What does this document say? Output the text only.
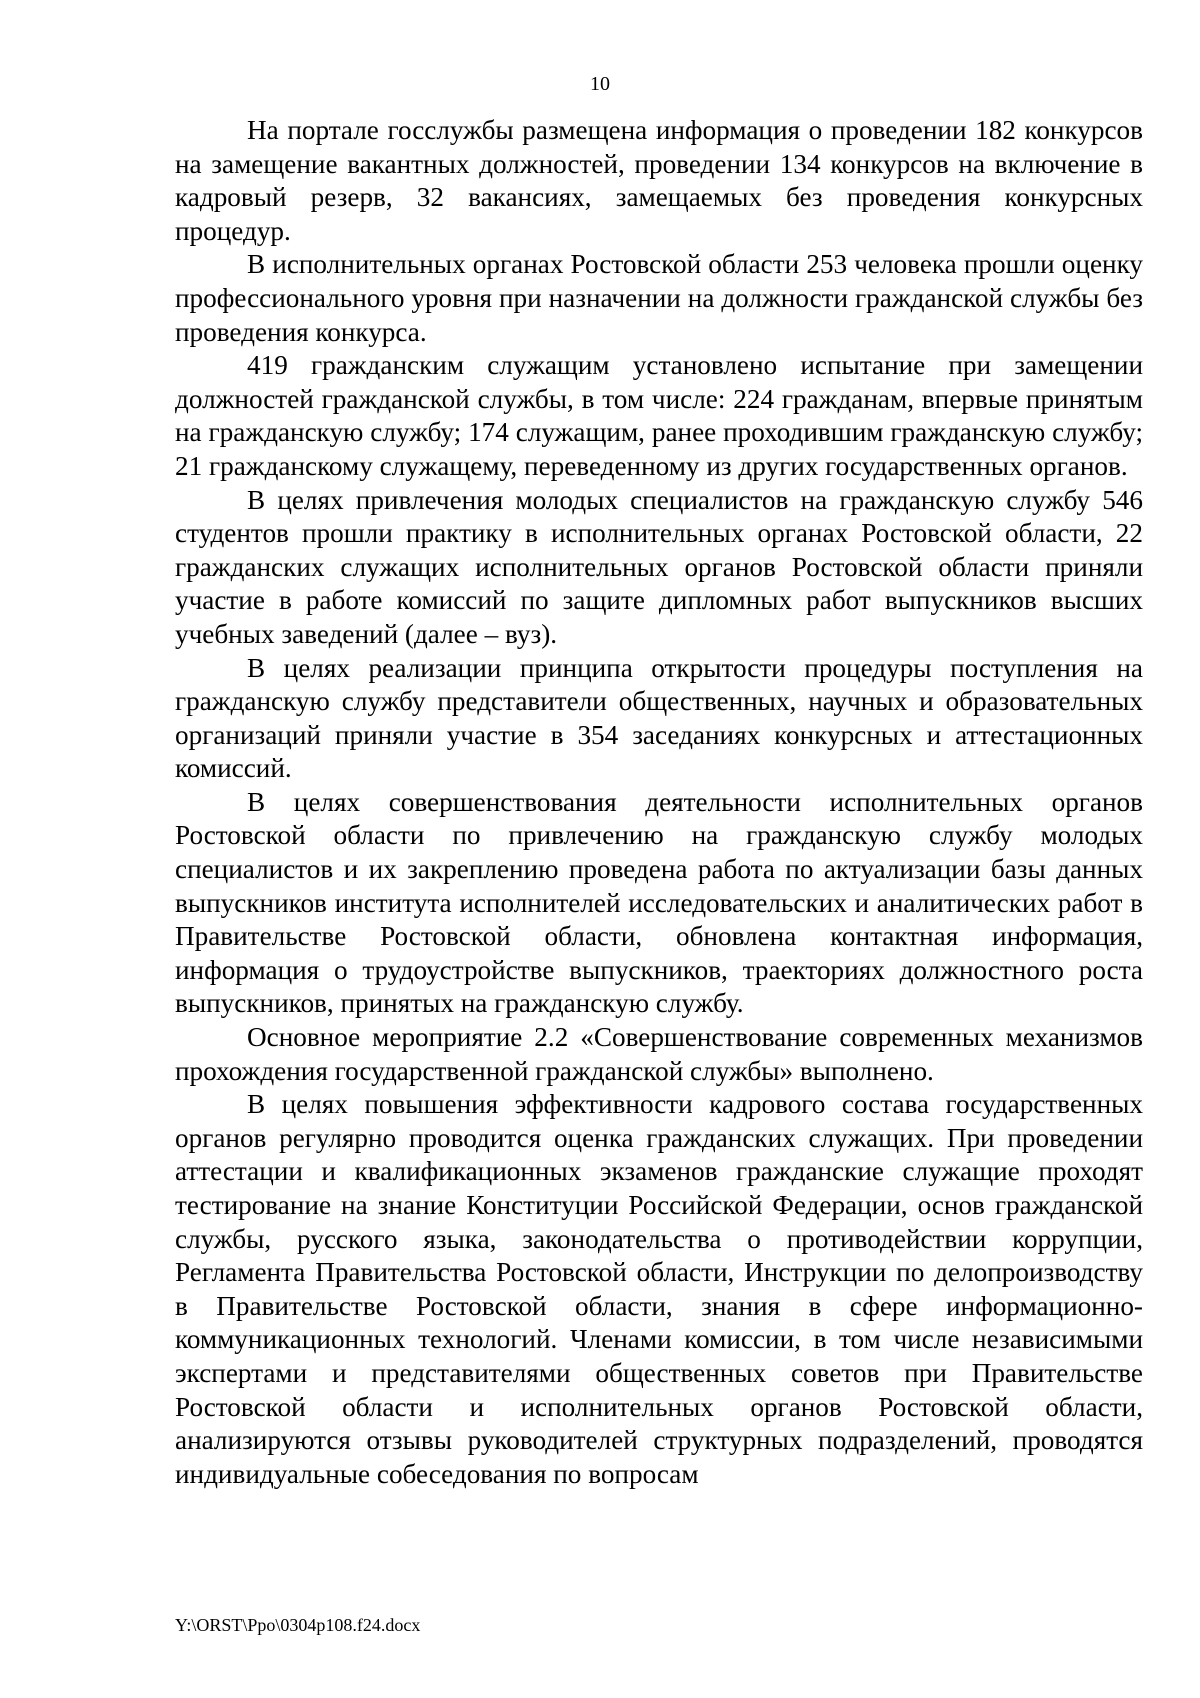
10

На портале госслужбы размещена информация о проведении 182 конкурсов на замещение вакантных должностей, проведении 134 конкурсов на включение в кадровый резерв, 32 вакансиях, замещаемых без проведения конкурсных процедур.

В исполнительных органах Ростовской области 253 человека прошли оценку профессионального уровня при назначении на должности гражданской службы без проведения конкурса.

419 гражданским служащим установлено испытание при замещении должностей гражданской службы, в том числе: 224 гражданам, впервые принятым на гражданскую службу; 174 служащим, ранее проходившим гражданскую службу; 21 гражданскому служащему, переведенному из других государственных органов.

В целях привлечения молодых специалистов на гражданскую службу 546 студентов прошли практику в исполнительных органах Ростовской области, 22 гражданских служащих исполнительных органов Ростовской области приняли участие в работе комиссий по защите дипломных работ выпускников высших учебных заведений (далее – вуз).

В целях реализации принципа открытости процедуры поступления на гражданскую службу представители общественных, научных и образовательных организаций приняли участие в 354 заседаниях конкурсных и аттестационных комиссий.

В целях совершенствования деятельности исполнительных органов Ростовской области по привлечению на гражданскую службу молодых специалистов и их закреплению проведена работа по актуализации базы данных выпускников института исполнителей исследовательских и аналитических работ в Правительстве Ростовской области, обновлена контактная информация, информация о трудоустройстве выпускников, траекториях должностного роста выпускников, принятых на гражданскую службу.

Основное мероприятие 2.2 «Совершенствование современных механизмов прохождения государственной гражданской службы» выполнено.

В целях повышения эффективности кадрового состава государственных органов регулярно проводится оценка гражданских служащих. При проведении аттестации и квалификационных экзаменов гражданские служащие проходят тестирование на знание Конституции Российской Федерации, основ гражданской службы, русского языка, законодательства о противодействии коррупции, Регламента Правительства Ростовской области, Инструкции по делопроизводству в Правительстве Ростовской области, знания в сфере информационно-коммуникационных технологий. Членами комиссии, в том числе независимыми экспертами и представителями общественных советов при Правительстве Ростовской области и исполнительных органов Ростовской области, анализируются отзывы руководителей структурных подразделений, проводятся индивидуальные собеседования по вопросам

Y:\ORST\Ppo\0304p108.f24.docx
